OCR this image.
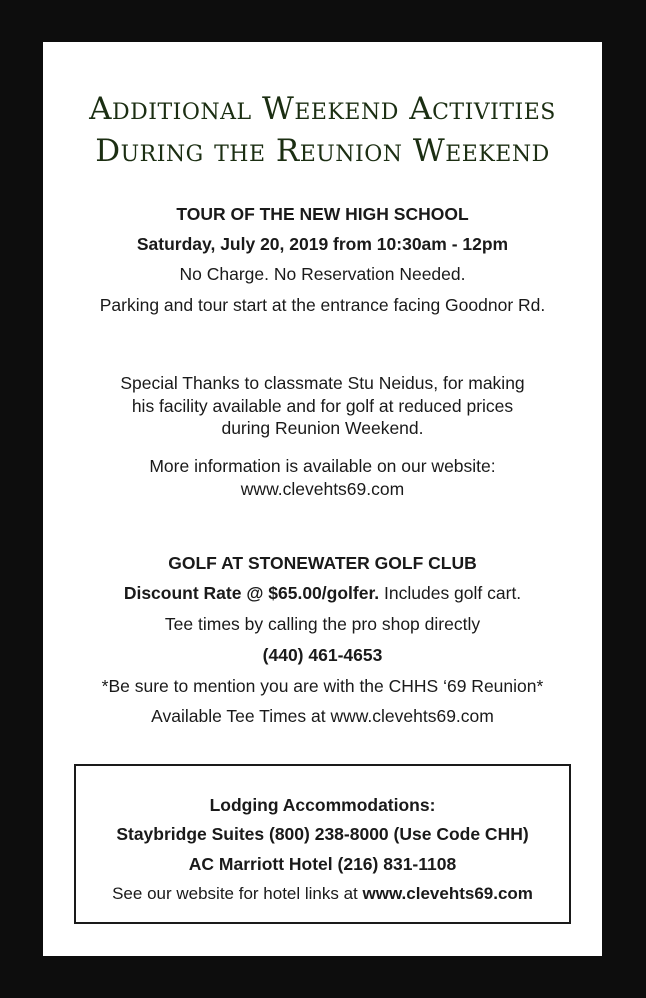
Additional Weekend Activities
During the Reunion Weekend
TOUR OF THE NEW HIGH SCHOOL
Saturday, July 20, 2019 from 10:30am - 12pm
No Charge. No Reservation Needed.
Parking and tour start at the entrance facing Goodnor Rd.
Special Thanks to classmate Stu Neidus, for making
his facility available and for golf at reduced prices
during Reunion Weekend.
More information is available on our website:
www.clevehts69.com
GOLF AT STONEWATER GOLF CLUB
Discount Rate @ $65.00/golfer. Includes golf cart.
Tee times by calling the pro shop directly
(440) 461-4653
*Be sure to mention you are with the CHHS ‘69 Reunion*
Available Tee Times at www.clevehts69.com
Lodging Accommodations:
Staybridge Suites (800) 238-8000 (Use Code CHH)
AC Marriott Hotel (216) 831-1108
See our website for hotel links at www.clevehts69.com
